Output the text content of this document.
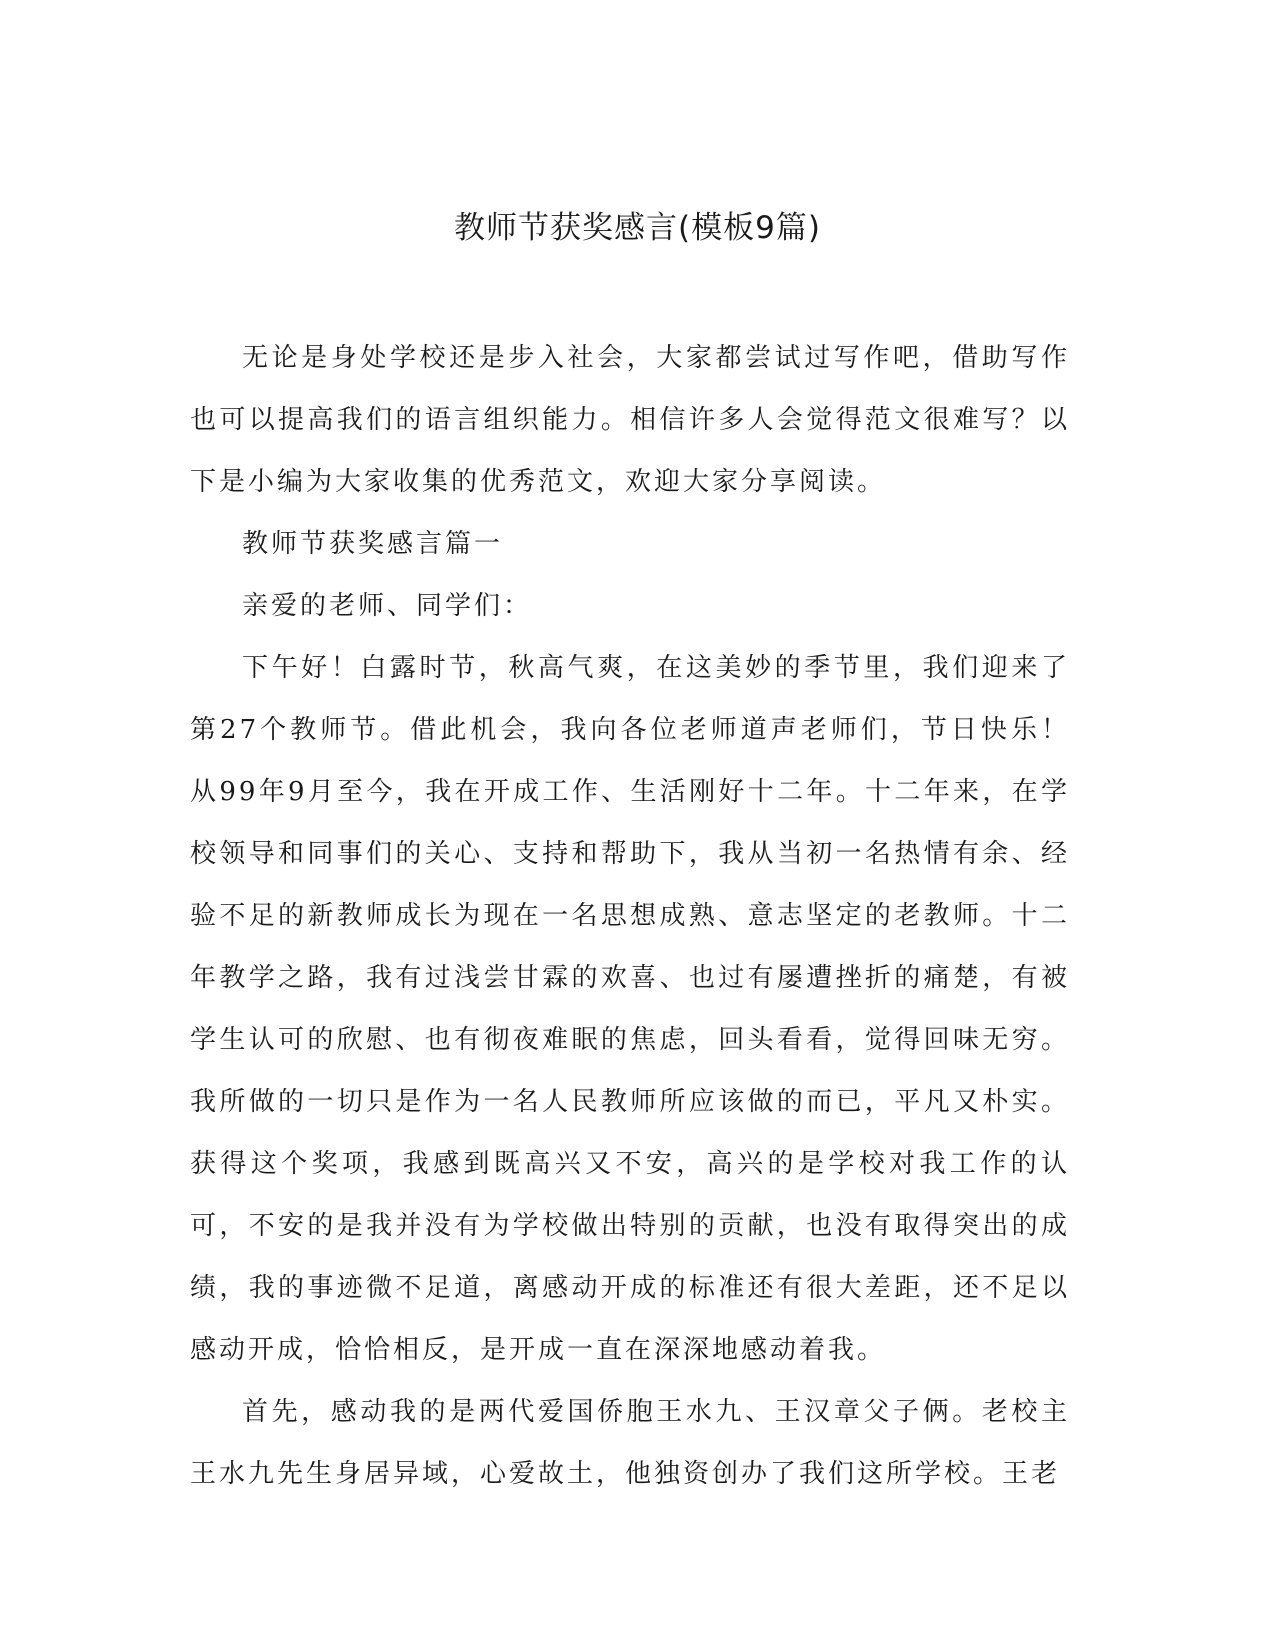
教师节获奖感言(模板9篇)

无论是身处学校还是步入社会，大家都尝试过写作吧，借助写作也可以提高我们的语言组织能力。相信许多人会觉得范文很难写？以下是小编为大家收集的优秀范文，欢迎大家分享阅读。

教师节获奖感言篇一

亲爱的老师、同学们：

下午好！白露时节，秋高气爽，在这美妙的季节里，我们迎来了第27个教师节。借此机会，我向各位老师道声老师们，节日快乐！从99年9月至今，我在开成工作、生活刚好十二年。十二年来，在学校领导和同事们的关心、支持和帮助下，我从当初一名热情有余、经验不足的新教师成长为现在一名思想成熟、意志坚定的老教师。十二年教学之路，我有过浅尝甘霖的欢喜、也过有屡遭挫折的痛楚，有被学生认可的欣慰、也有彻夜难眠的焦虑，回头看看，觉得回味无穷。我所做的一切只是作为一名人民教师所应该做的而已，平凡又朴实。获得这个奖项，我感到既高兴又不安，高兴的是学校对我工作的认可，不安的是我并没有为学校做出特别的贡献，也没有取得突出的成绩，我的事迹微不足道，离感动开成的标准还有很大差距，还不足以感动开成，恰恰相反，是开成一直在深深地感动着我。

首先，感动我的是两代爱国侨胞王水九、王汉章父子俩。老校主王水九先生身居异域，心爱故土，他独资创办了我们这所学校。王老
